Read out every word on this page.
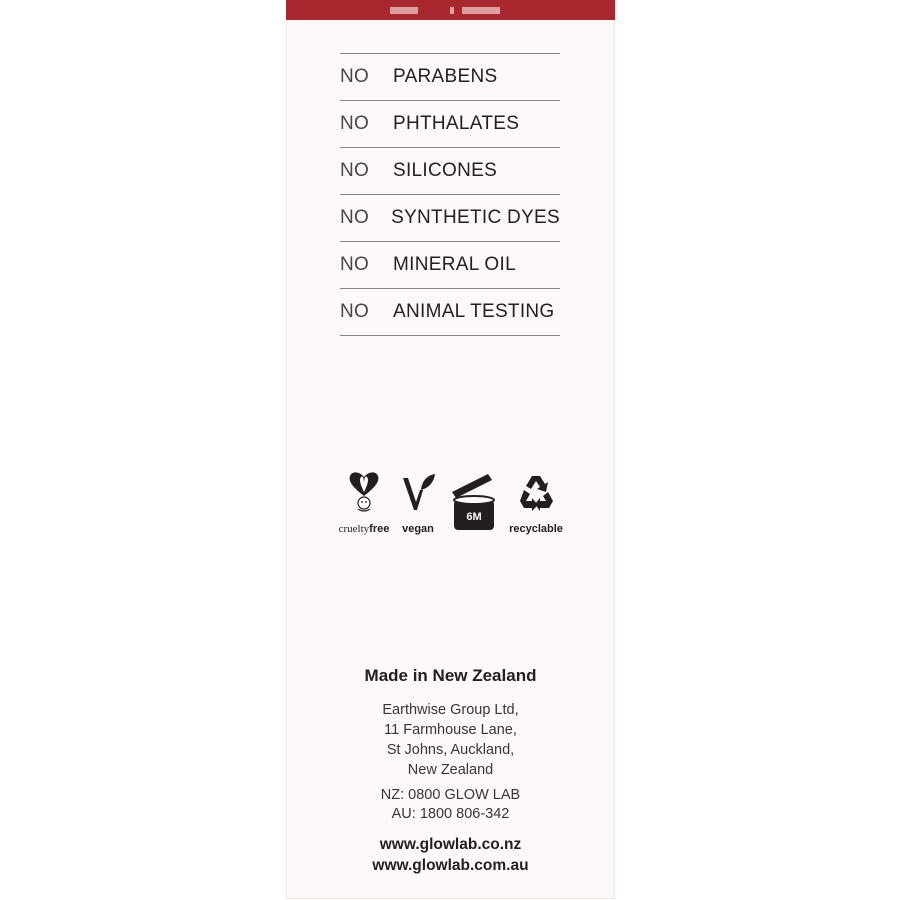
NO	PARABENS
NO	PHTHALATES
NO	SILICONES
NO	SYNTHETIC DYES
NO	MINERAL OIL
NO	ANIMAL TESTING
crueltyfree	vegan
6M
recyclable
Made in New Zealand
Earthwise Group Ltd,
11 Farmhouse Lane,
St Johns, Auckland,
New Zealand
NZ: 0800 GLOW LAB
AU: 1800 806-342
www.glowlab.co.nz
www.glowlab.com.au
